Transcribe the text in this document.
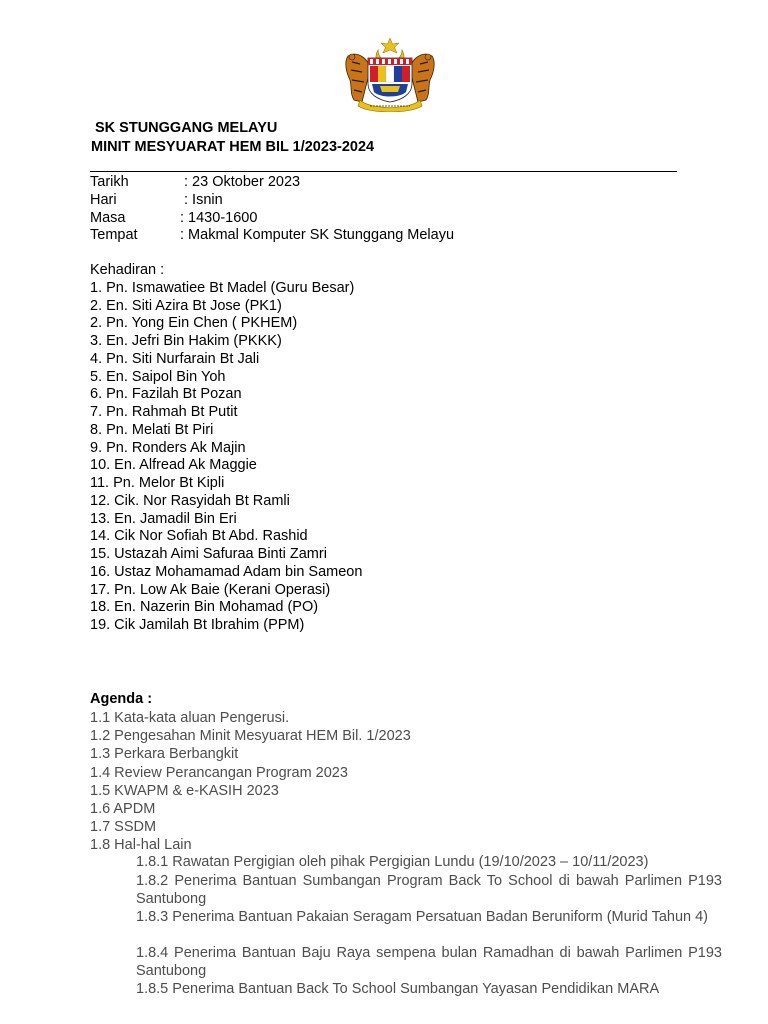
SK STUNGGANG MELAYU
MINIT MESYUARAT HEM BIL 1/2023-2024
Tarikh	: 23 Oktober 2023
Hari	: Isnin
Masa	: 1430-1600
Tempat	: Makmal Komputer SK Stunggang Melayu
Kehadiran :
1. Pn. Ismawatiee Bt Madel (Guru Besar)
2. En. Siti Azira Bt Jose (PK1)
2. Pn. Yong Ein Chen ( PKHEM)
3. En. Jefri Bin Hakim (PKKK)
4. Pn. Siti Nurfarain Bt Jali
5. En. Saipol Bin Yoh
6. Pn. Fazilah Bt Pozan
7. Pn. Rahmah Bt Putit
8. Pn. Melati Bt Piri
9. Pn. Ronders Ak Majin
10. En. Alfread Ak Maggie
11. Pn. Melor Bt Kipli
12. Cik. Nor Rasyidah Bt Ramli
13. En. Jamadil Bin Eri
14. Cik Nor Sofiah Bt Abd. Rashid
15. Ustazah Aimi Safuraa Binti Zamri
16. Ustaz Mohamamad Adam bin Sameon
17. Pn. Low Ak Baie (Kerani Operasi)
18. En. Nazerin Bin Mohamad (PO)
19. Cik Jamilah Bt Ibrahim (PPM)
Agenda :
1.1 Kata-kata aluan Pengerusi.
1.2 Pengesahan Minit Mesyuarat HEM Bil. 1/2023
1.3 Perkara Berbangkit
1.4 Review Perancangan Program 2023
1.5 KWAPM & e-KASIH 2023
1.6 APDM
1.7 SSDM
1.8 Hal-hal Lain
1.8.1 Rawatan Pergigian oleh pihak Pergigian Lundu (19/10/2023 – 10/11/2023)
1.8.2 Penerima Bantuan Sumbangan Program Back To School di bawah Parlimen P193 Santubong
1.8.3 Penerima Bantuan Pakaian Seragam Persatuan Badan Beruniform (Murid Tahun 4)
1.8.4 Penerima Bantuan Baju Raya sempena bulan Ramadhan di bawah Parlimen P193 Santubong
1.8.5 Penerima Bantuan Back To School Sumbangan Yayasan Pendidikan MARA
